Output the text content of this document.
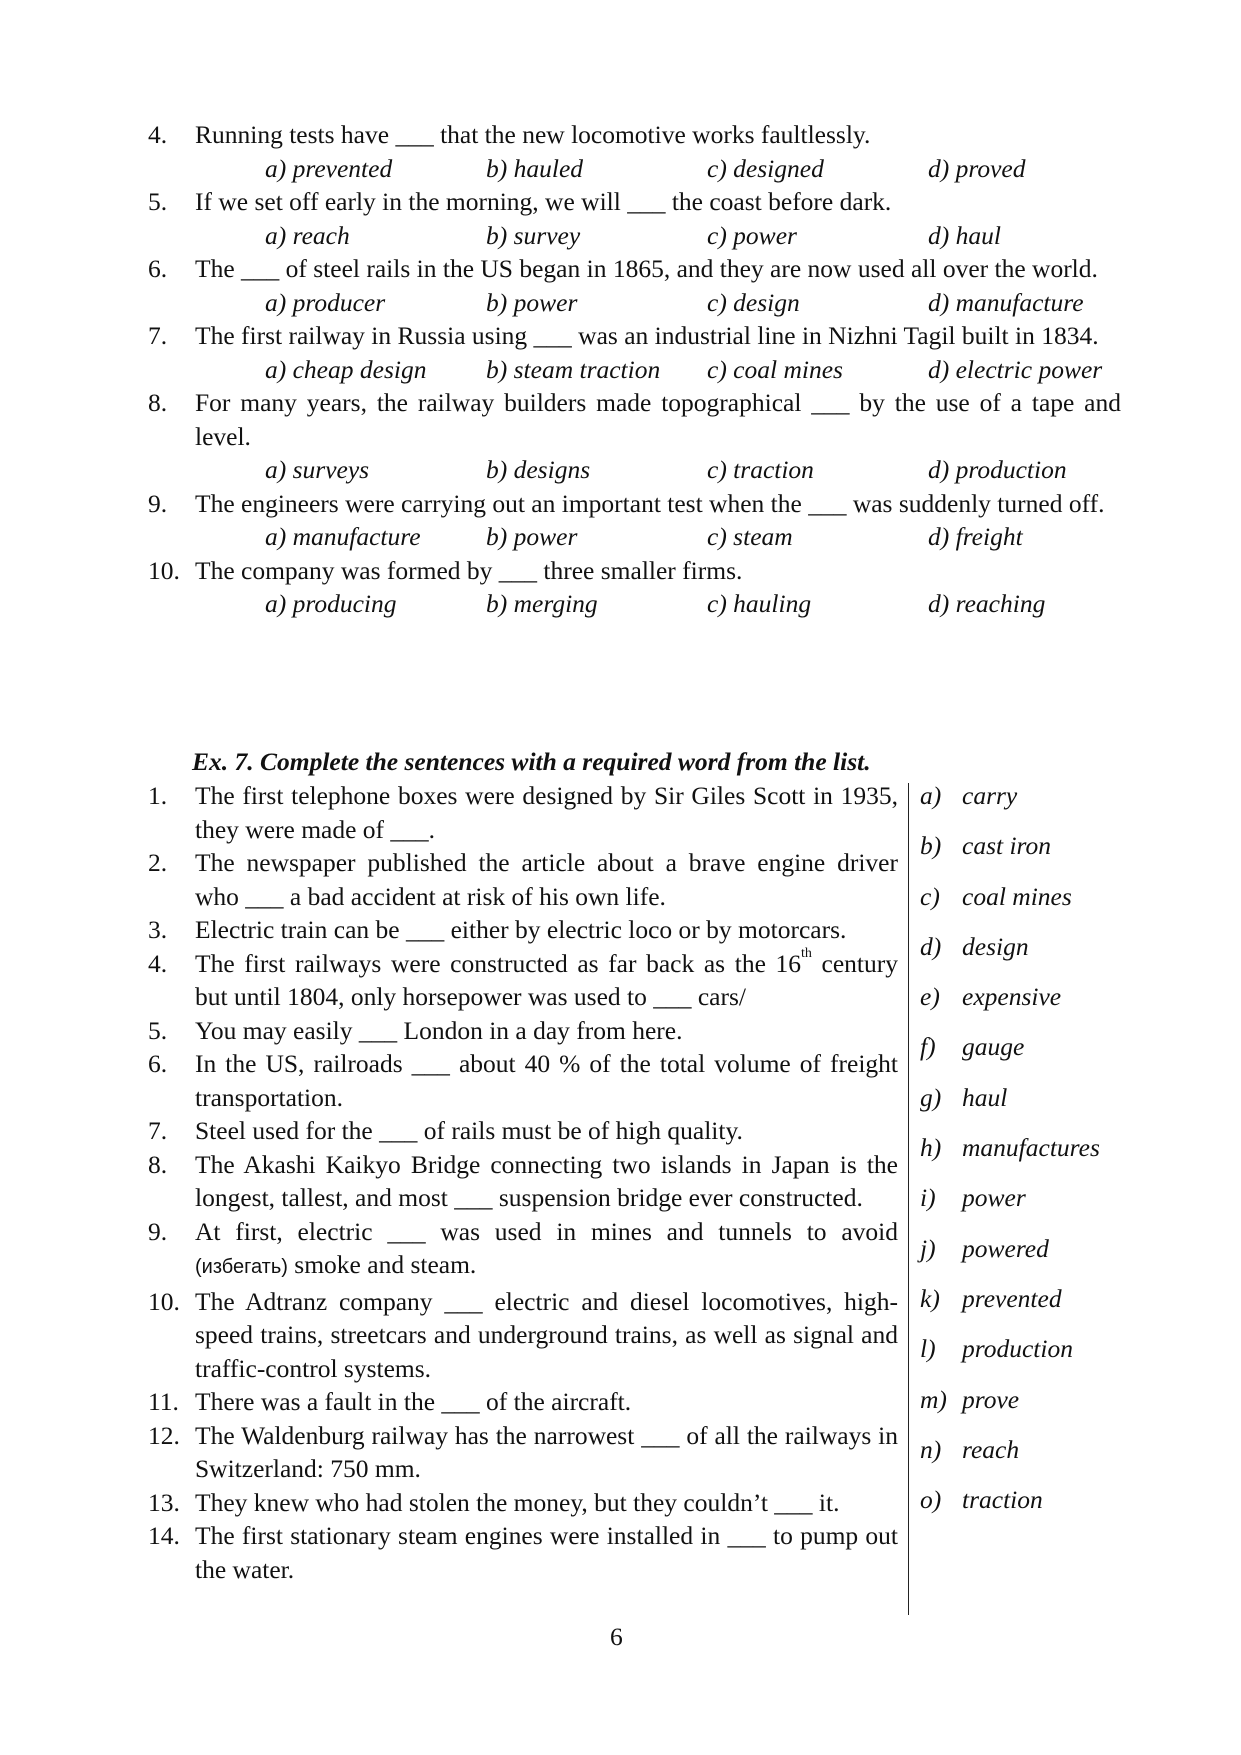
4. Running tests have ___ that the new locomotive works faultlessly.
a) prevented	b) hauled	c) designed	d) proved
5. If we set off early in the morning, we will ___ the coast before dark.
a) reach	b) survey	c) power	d) haul
6. The ___ of steel rails in the US began in 1865, and they are now used all over the world.
a) producer	b) power	c) design	d) manufacture
7. The first railway in Russia using ___ was an industrial line in Nizhni Tagil built in 1834.
a) cheap design b) steam traction c) coal mines	d) electric power
8. For many years, the railway builders made topographical ___ by the use of a tape and level.
a) surveys	b) designs	c) traction	d) production
9. The engineers were carrying out an important test when the ___ was suddenly turned off.
a) manufacture	b) power	c) steam	d) freight
10. The company was formed by ___ three smaller firms.
a) producing	b) merging	c) hauling	d) reaching
Ex. 7. Complete the sentences with a required word from the list.
1. The first telephone boxes were designed by Sir Giles Scott in 1935, they were made of ___.
2. The newspaper published the article about a brave engine driver who ___ a bad accident at risk of his own life.
3. Electric train can be ___ either by electric loco or by motorcars.
4. The first railways were constructed as far back as the 16th century but until 1804, only horsepower was used to ___ cars/
5. You may easily ___ London in a day from here.
6. In the US, railroads ___ about 40 % of the total volume of freight transportation.
7. Steel used for the ___ of rails must be of high quality.
8. The Akashi Kaikyo Bridge connecting two islands in Japan is the longest, tallest, and most ___ suspension bridge ever constructed.
9. At first, electric ___ was used in mines and tunnels to avoid (избегать) smoke and steam.
10. The Adtranz company ___ electric and diesel locomotives, high-speed trains, streetcars and underground trains, as well as signal and traffic-control systems.
11. There was a fault in the ___ of the aircraft.
12. The Waldenburg railway has the narrowest ___ of all the railways in Switzerland: 750 mm.
13. They knew who had stolen the money, but they couldn’t ___ it.
14. The first stationary steam engines were installed in ___ to pump out the water.
a) carry
b) cast iron
c) coal mines
d) design
e) expensive
f) gauge
g) haul
h) manufactures
i) power
j) powered
k) prevented
l) production
m) prove
n) reach
o) traction
6
